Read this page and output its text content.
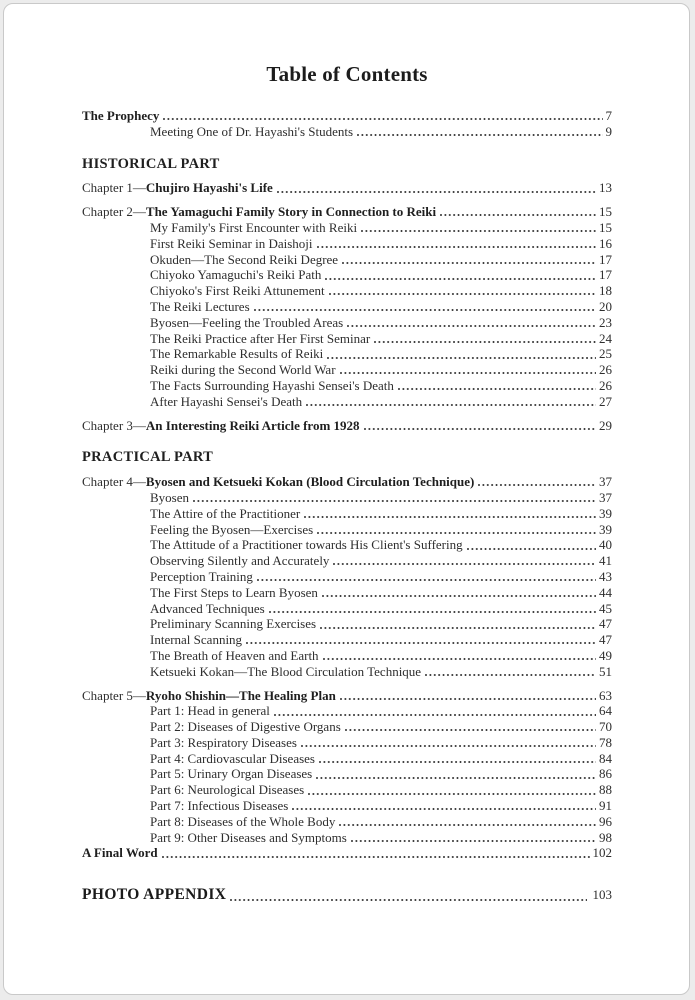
Table of Contents
The Prophecy	7
Meeting One of Dr. Hayashi's Students	9
HISTORICAL PART
Chapter 1—Chujiro Hayashi's Life	13
Chapter 2—The Yamaguchi Family Story in Connection to Reiki	15
My Family's First Encounter with Reiki	15
First Reiki Seminar in Daishoji	16
Okuden—The Second Reiki Degree	17
Chiyoko Yamaguchi's Reiki Path	17
Chiyoko's First Reiki Attunement	18
The Reiki Lectures	20
Byosen—Feeling the Troubled Areas	23
The Reiki Practice after Her First Seminar	24
The Remarkable Results of Reiki	25
Reiki during the Second World War	26
The Facts Surrounding Hayashi Sensei's Death	26
After Hayashi Sensei's Death	27
Chapter 3—An Interesting Reiki Article from 1928	29
PRACTICAL PART
Chapter 4—Byosen and Ketsueki Kokan (Blood Circulation Technique)	37
Byosen	37
The Attire of the Practitioner	39
Feeling the Byosen—Exercises	39
The Attitude of a Practitioner towards His Client's Suffering	40
Observing Silently and Accurately	41
Perception Training	43
The First Steps to Learn Byosen	44
Advanced Techniques	45
Preliminary Scanning Exercises	47
Internal Scanning	47
The Breath of Heaven and Earth	49
Ketsueki Kokan—The Blood Circulation Technique	51
Chapter 5—Ryoho Shishin—The Healing Plan	63
Part 1: Head in general	64
Part 2: Diseases of Digestive Organs	70
Part 3: Respiratory Diseases	78
Part 4: Cardiovascular Diseases	84
Part 5: Urinary Organ Diseases	86
Part 6: Neurological Diseases	88
Part 7: Infectious Diseases	91
Part 8: Diseases of the Whole Body	96
Part 9: Other Diseases and Symptoms	98
A Final Word	102
PHOTO APPENDIX	103
